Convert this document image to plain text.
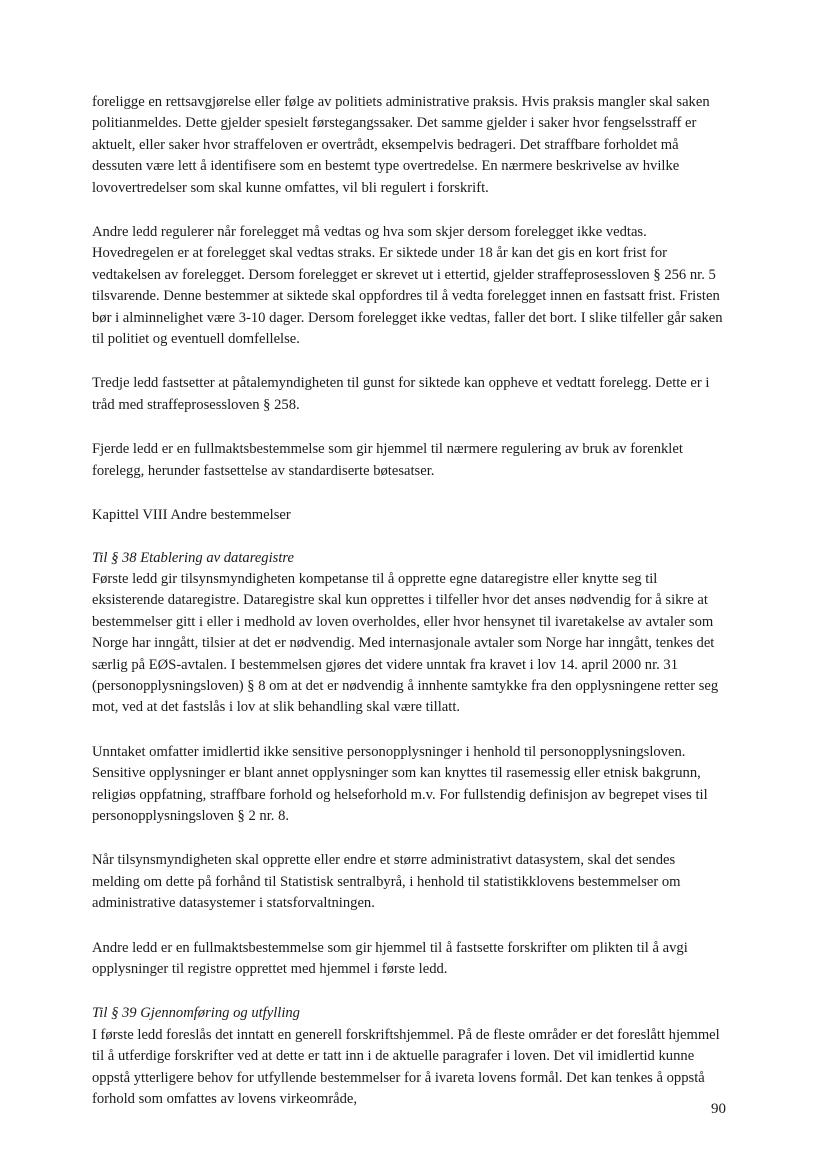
foreligge en rettsavgjørelse eller følge av politiets administrative praksis. Hvis praksis mangler skal saken politianmeldes. Dette gjelder spesielt førstegangssaker. Det samme gjelder i saker hvor fengselsstraff er aktuelt, eller saker hvor straffeloven er overtrådt, eksempelvis bedrageri. Det straffbare forholdet må dessuten være lett å identifisere som en bestemt type overtredelse. En nærmere beskrivelse av hvilke lovovertredelser som skal kunne omfattes, vil bli regulert i forskrift.

Andre ledd regulerer når forelegget må vedtas og hva som skjer dersom forelegget ikke vedtas. Hovedregelen er at forelegget skal vedtas straks. Er siktede under 18 år kan det gis en kort frist for vedtakelsen av forelegget. Dersom forelegget er skrevet ut i ettertid, gjelder straffeprosessloven § 256 nr. 5 tilsvarende. Denne bestemmer at siktede skal oppfordres til å vedta forelegget innen en fastsatt frist. Fristen bør i alminnelighet være 3-10 dager. Dersom forelegget ikke vedtas, faller det bort. I slike tilfeller går saken til politiet og eventuell domfellelse.

Tredje ledd fastsetter at påtalemyndigheten til gunst for siktede kan oppheve et vedtatt forelegg. Dette er i tråd med straffeprosessloven § 258.

Fjerde ledd er en fullmaktsbestemmelse som gir hjemmel til nærmere regulering av bruk av forenklet forelegg, herunder fastsettelse av standardiserte bøtesatser.

Kapittel VIII Andre bestemmelser

Til § 38 Etablering av dataregistre

Første ledd gir tilsynsmyndigheten kompetanse til å opprette egne dataregistre eller knytte seg til eksisterende dataregistre. Dataregistre skal kun opprettes i tilfeller hvor det anses nødvendig for å sikre at bestemmelser gitt i eller i medhold av loven overholdes, eller hvor hensynet til ivaretakelse av avtaler som Norge har inngått, tilsier at det er nødvendig. Med internasjonale avtaler som Norge har inngått, tenkes det særlig på EØS-avtalen. I bestemmelsen gjøres det videre unntak fra kravet i lov 14. april 2000 nr. 31 (personopplysningsloven) § 8 om at det er nødvendig å innhente samtykke fra den opplysningene retter seg mot, ved at det fastslås i lov at slik behandling skal være tillatt.

Unntaket omfatter imidlertid ikke sensitive personopplysninger i henhold til personopplysningsloven. Sensitive opplysninger er blant annet opplysninger som kan knyttes til rasemessig eller etnisk bakgrunn, religiøs oppfatning, straffbare forhold og helseforhold m.v. For fullstendig definisjon av begrepet vises til personopplysningsloven § 2 nr. 8.

Når tilsynsmyndigheten skal opprette eller endre et større administrativt datasystem, skal det sendes melding om dette på forhånd til Statistisk sentralbyrå, i henhold til statistikklovens bestemmelser om administrative datasystemer i statsforvaltningen.

Andre ledd er en fullmaktsbestemmelse som gir hjemmel til å fastsette forskrifter om plikten til å avgi opplysninger til registre opprettet med hjemmel i første ledd.

Til § 39 Gjennomføring og utfylling

I første ledd foreslås det inntatt en generell forskriftshjemmel. På de fleste områder er det foreslått hjemmel til å utferdige forskrifter ved at dette er tatt inn i de aktuelle paragrafer i loven. Det vil imidlertid kunne oppstå ytterligere behov for utfyllende bestemmelser for å ivareta lovens formål. Det kan tenkes å oppstå forhold som omfattes av lovens virkeområde,

90
